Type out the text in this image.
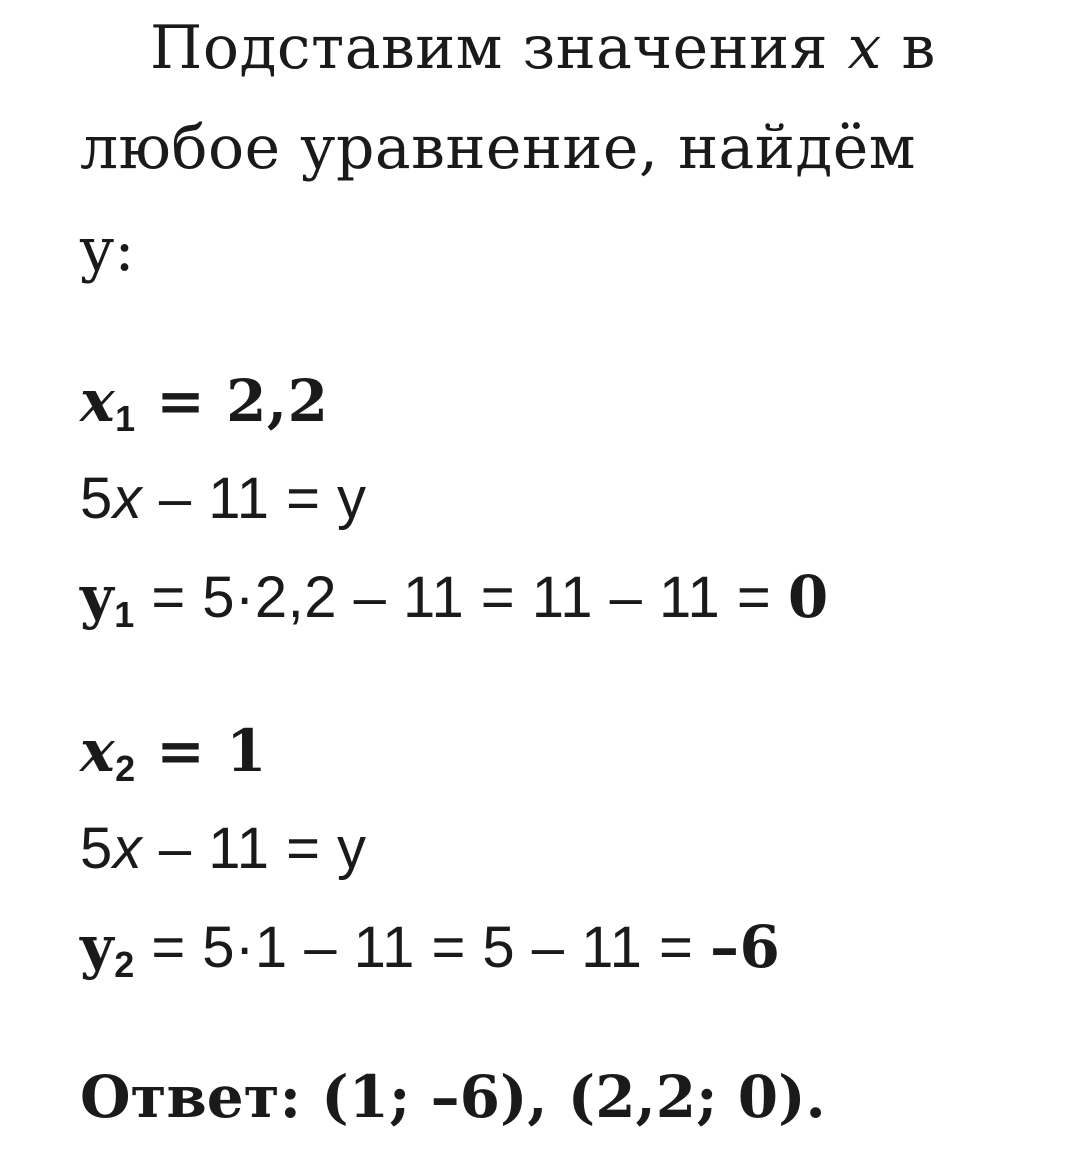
Подставим значения x в
любое уравнение, найдём
y:
x1 = 2,2
5x – 11 = y
y1 = 5·2,2 – 11 = 11 – 11 = 0
x2 = 1
5x – 11 = y
y2 = 5·1 – 11 = 5 – 11 = –6
Ответ: (1; –6), (2,2; 0).
